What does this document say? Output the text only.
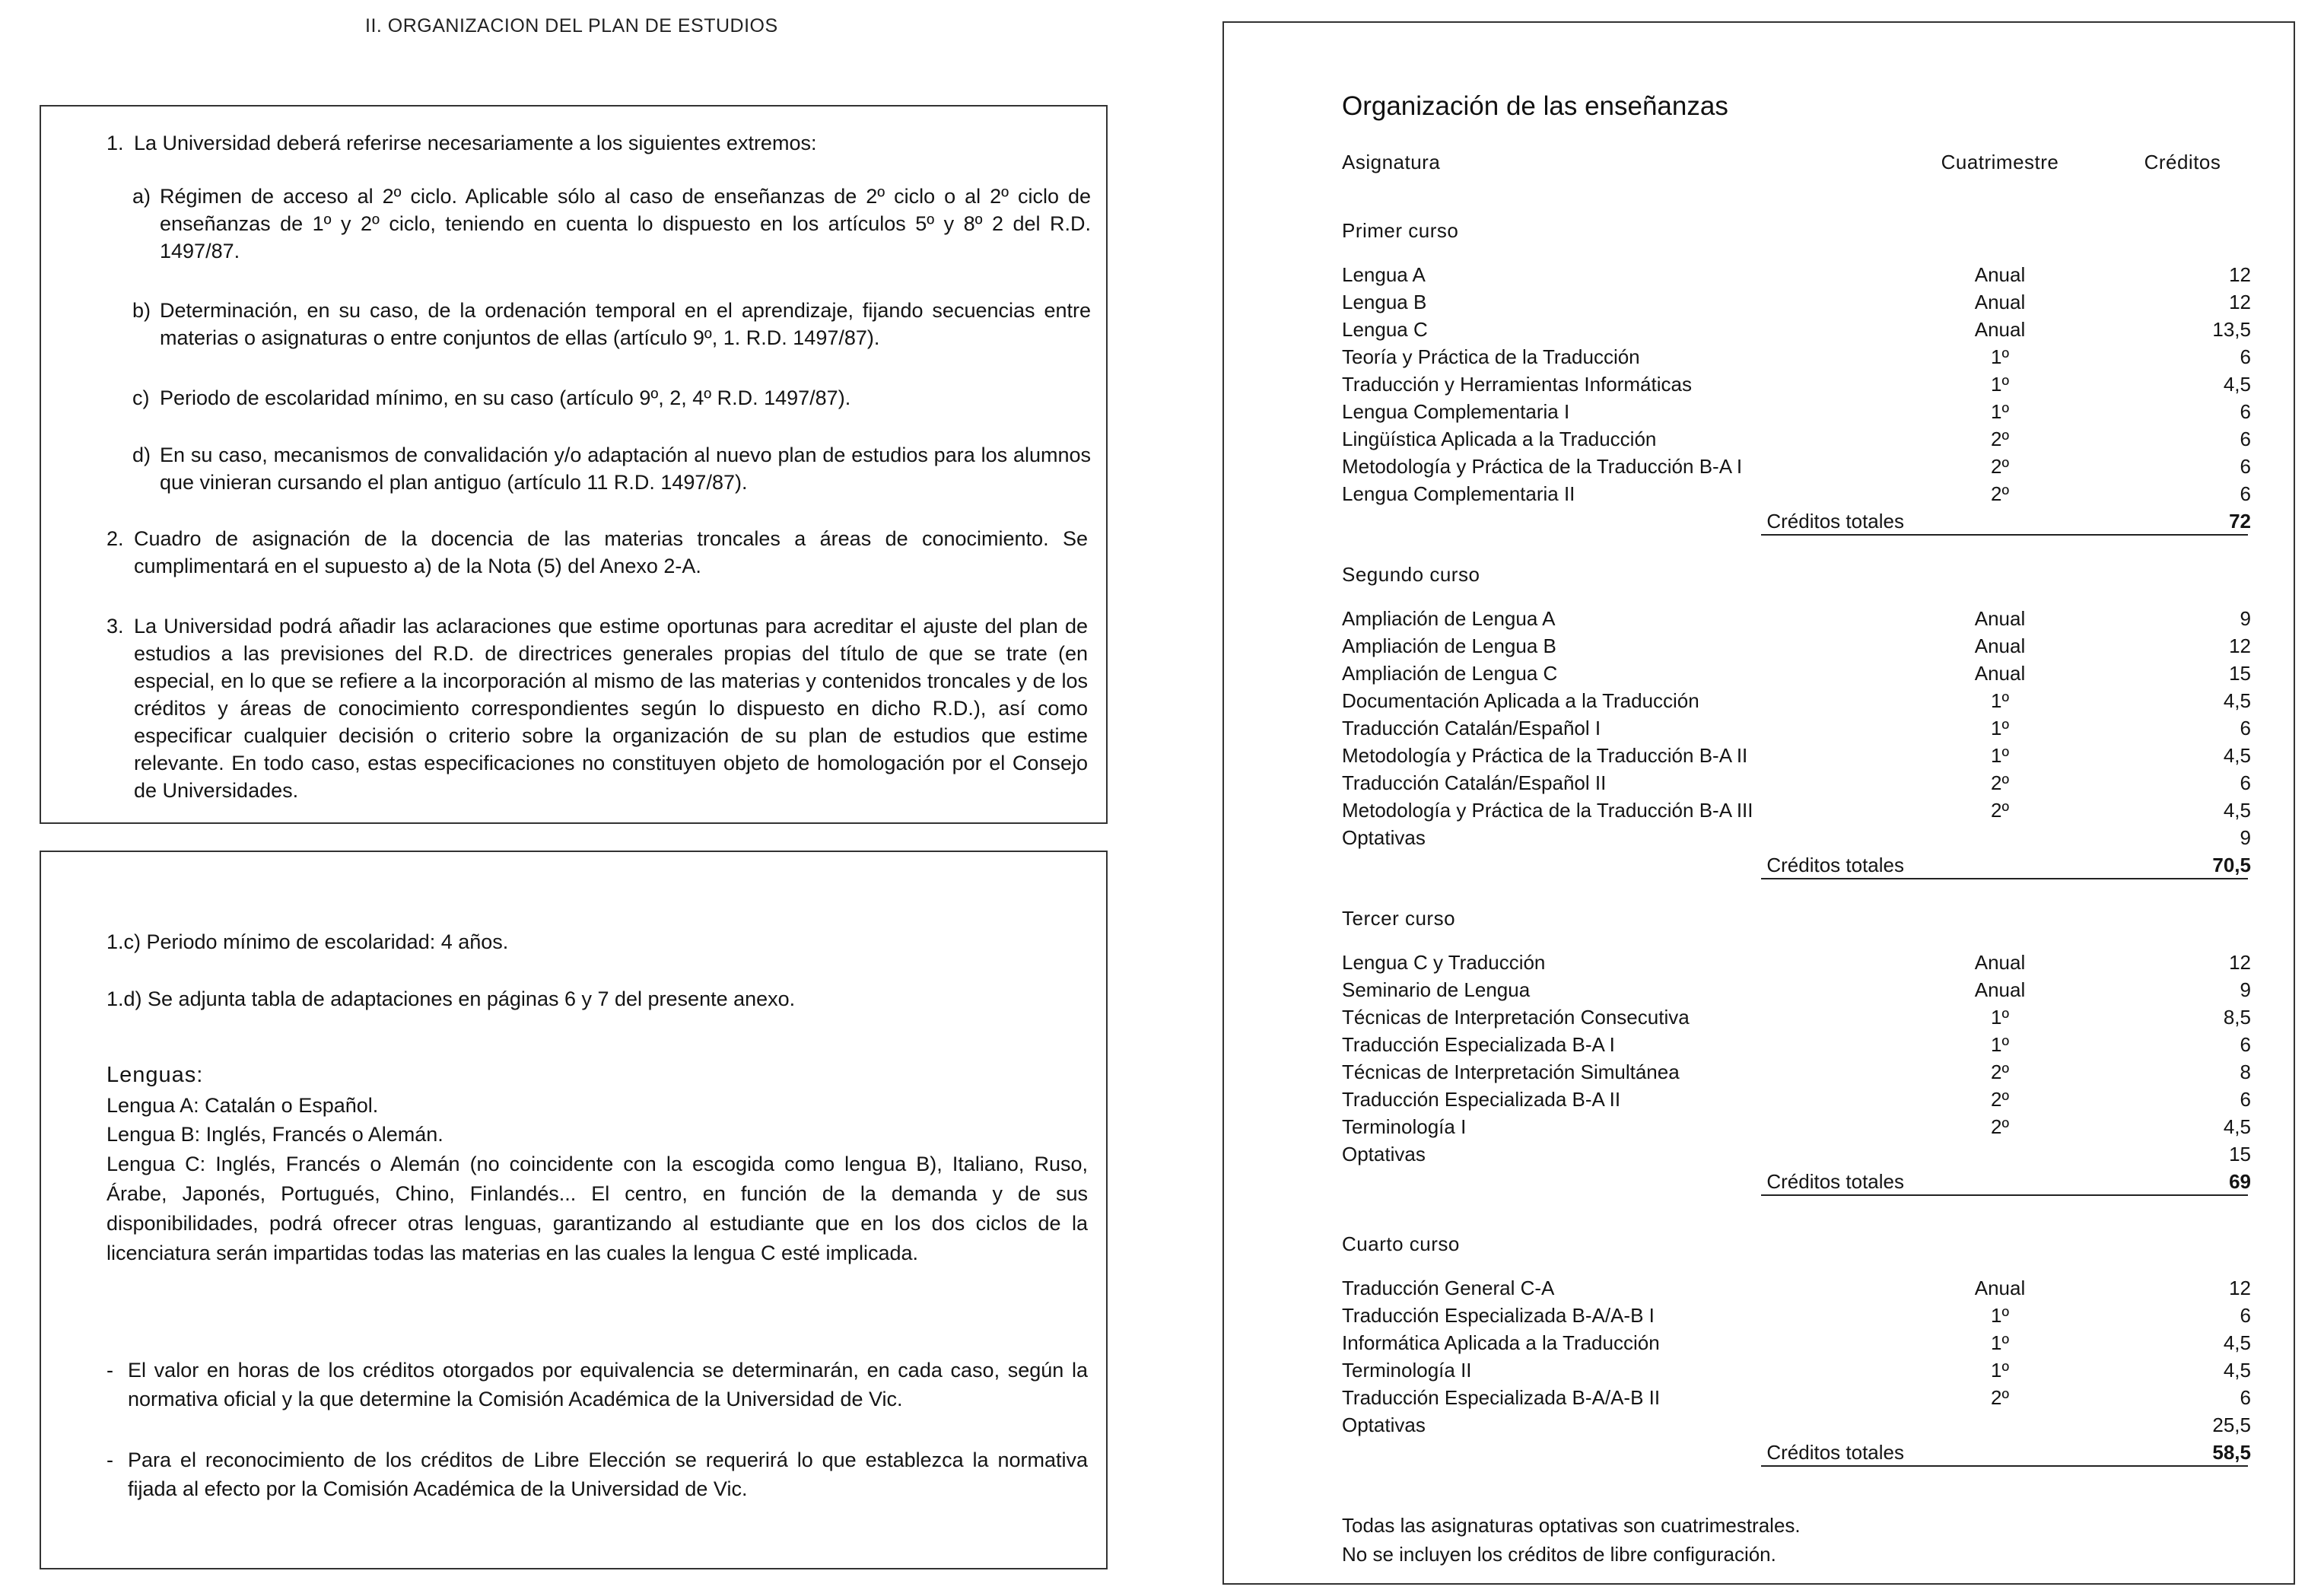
II. ORGANIZACION DEL PLAN DE ESTUDIOS
1. La Universidad deberá referirse necesariamente a los siguientes extremos:
a) Régimen de acceso al 2º ciclo. Aplicable sólo al caso de enseñanzas de 2º ciclo o al 2º ciclo de enseñanzas de 1º y 2º ciclo, teniendo en cuenta lo dispuesto en los artículos 5º y 8º 2 del R.D. 1497/87.
b) Determinación, en su caso, de la ordenación temporal en el aprendizaje, fijando secuencias entre materias o asignaturas o entre conjuntos de ellas (artículo 9º, 1. R.D. 1497/87).
c) Periodo de escolaridad mínimo, en su caso (artículo 9º, 2, 4º R.D. 1497/87).
d) En su caso, mecanismos de convalidación y/o adaptación al nuevo plan de estudios para los alumnos que vinieran cursando el plan antiguo (artículo 11 R.D. 1497/87).
2. Cuadro de asignación de la docencia de las materias troncales a áreas de conocimiento. Se cumplimentará en el supuesto a) de la Nota (5) del Anexo 2-A.
3. La Universidad podrá añadir las aclaraciones que estime oportunas para acreditar el ajuste del plan de estudios a las previsiones del R.D. de directrices generales propias del título de que se trate (en especial, en lo que se refiere a la incorporación al mismo de las materias y contenidos troncales y de los créditos y áreas de conocimiento correspondientes según lo dispuesto en dicho R.D.), así como especificar cualquier decisión o criterio sobre la organización de su plan de estudios que estime relevante. En todo caso, estas especificaciones no constituyen objeto de homologación por el Consejo de Universidades.
1.c) Periodo mínimo de escolaridad: 4 años.
1.d) Se adjunta tabla de adaptaciones en páginas 6 y 7 del presente anexo.
Lenguas:
Lengua A: Catalán o Español.
Lengua B: Inglés, Francés o Alemán.
Lengua C: Inglés, Francés o Alemán (no coincidente con la escogida como lengua B), Italiano, Ruso, Árabe, Japonés, Portugués, Chino, Finlandés... El centro, en función de la demanda y de sus disponibilidades, podrá ofrecer otras lenguas, garantizando al estudiante que en los dos ciclos de la licenciatura serán impartidas todas las materias en las cuales la lengua C esté implicada.
- El valor en horas de los créditos otorgados por equivalencia se determinarán, en cada caso, según la normativa oficial y la que determine la Comisión Académica de la Universidad de Vic.
- Para el reconocimiento de los créditos de Libre Elección se requerirá lo que establezca la normativa fijada al efecto por la Comisión Académica de la Universidad de Vic.
Organización de las enseñanzas
Asignatura	Cuatrimestre	Créditos
Primer curso
Lengua A	Anual	12
Lengua B	Anual	12
Lengua C	Anual	13,5
Teoría y Práctica de la Traducción	1º	6
Traducción y Herramientas Informáticas	1º	4,5
Lengua Complementaria I	1º	6
Lingüística Aplicada a la Traducción	2º	6
Metodología y Práctica de la Traducción B-A I	2º	6
Lengua Complementaria II	2º	6
Créditos totales	72
Segundo curso
Ampliación de Lengua A	Anual	9
Ampliación de Lengua B	Anual	12
Ampliación de Lengua C	Anual	15
Documentación Aplicada a la Traducción	1º	4,5
Traducción Catalán/Español I	1º	6
Metodología y Práctica de la Traducción B-A II	1º	4,5
Traducción Catalán/Español II	2º	6
Metodología y Práctica de la Traducción B-A III	2º	4,5
Optativas	9
Créditos totales	70,5
Tercer curso
Lengua C y Traducción	Anual	12
Seminario de Lengua	Anual	9
Técnicas de Interpretación Consecutiva	1º	8,5
Traducción Especializada B-A I	1º	6
Técnicas de Interpretación Simultánea	2º	8
Traducción Especializada B-A II	2º	6
Terminología I	2º	4,5
Optativas	15
Créditos totales	69
Cuarto curso
Traducción General C-A	Anual	12
Traducción Especializada B-A/A-B I	1º	6
Informática Aplicada a la Traducción	1º	4,5
Terminología II	1º	4,5
Traducción Especializada B-A/A-B II	2º	6
Optativas	25,5
Créditos totales	58,5
Todas las asignaturas optativas son cuatrimestrales.
No se incluyen los créditos de libre configuración.
